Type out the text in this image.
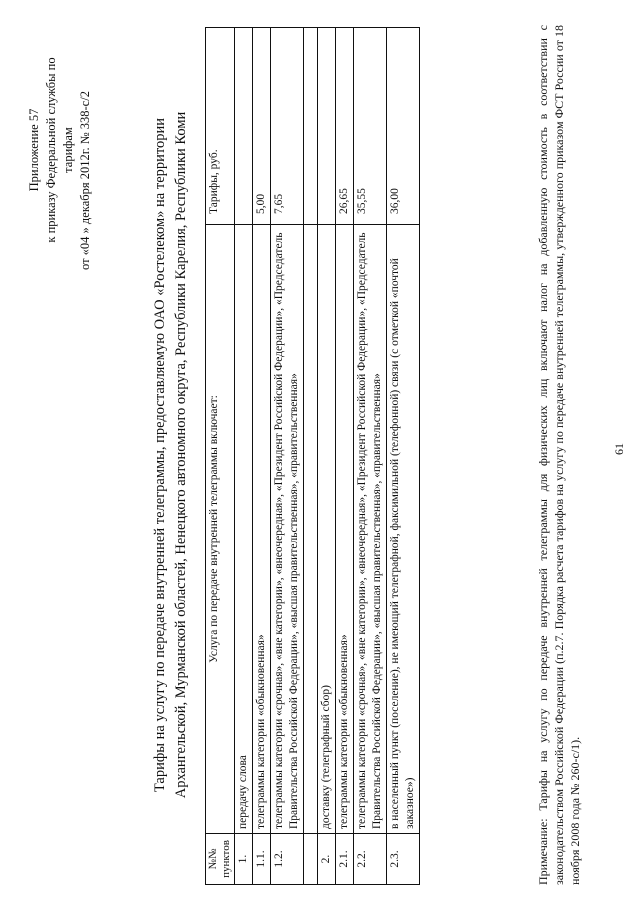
Приложение 57 к приказу Федеральной службы по тарифам от «04 » декабря 2012г. № 338-с/2	Тарифы на услугу по передаче внутренней телеграммы, предоставляемую ОАО «Ростелеком» на территории Архангельской, Мурманской областей, Ненецкого автономного округа, Республики Карелия, Республики Коми
№№ пунктов	Услуга по передаче внутренней телеграммы включает:	Тарифы, руб.
1.	передачу слова	
1.1.	телеграммы категории «обыкновенная»	5,00
1.2.	телеграммы категории «срочная», «вне категории», «внеочередная», «Президент Российской Федерации», «Председатель Правительства Российской Федерации», «высшая правительственная», «правительственная»	7,65

2.	доставку (телеграфный сбор)	
2.1.	телеграммы категории «обыкновенная»	26,65
2.2.	телеграммы категории «срочная», «вне категории», «внеочередная», «Президент Российской Федерации», «Председатель Правительства Российской Федерации», «высшая правительственная», «правительственная»	35,55
2.3.	в населенный пункт (поселение), не имеющий телеграфной, факсимильной (телефонной) связи (с отметкой «почтой заказное»)	36,00	Примечание: Тарифы на услугу по передаче внутренней телеграммы для физических лиц включают налог на добавленную стоимость в соответствии с законодательством Российской Федерации (п.2.7. Порядка расчета тарифов на услугу по передаче внутренней телеграммы, утвержденного приказом ФСТ России от 18 ноября 2008 года № 260-с/1).
61
